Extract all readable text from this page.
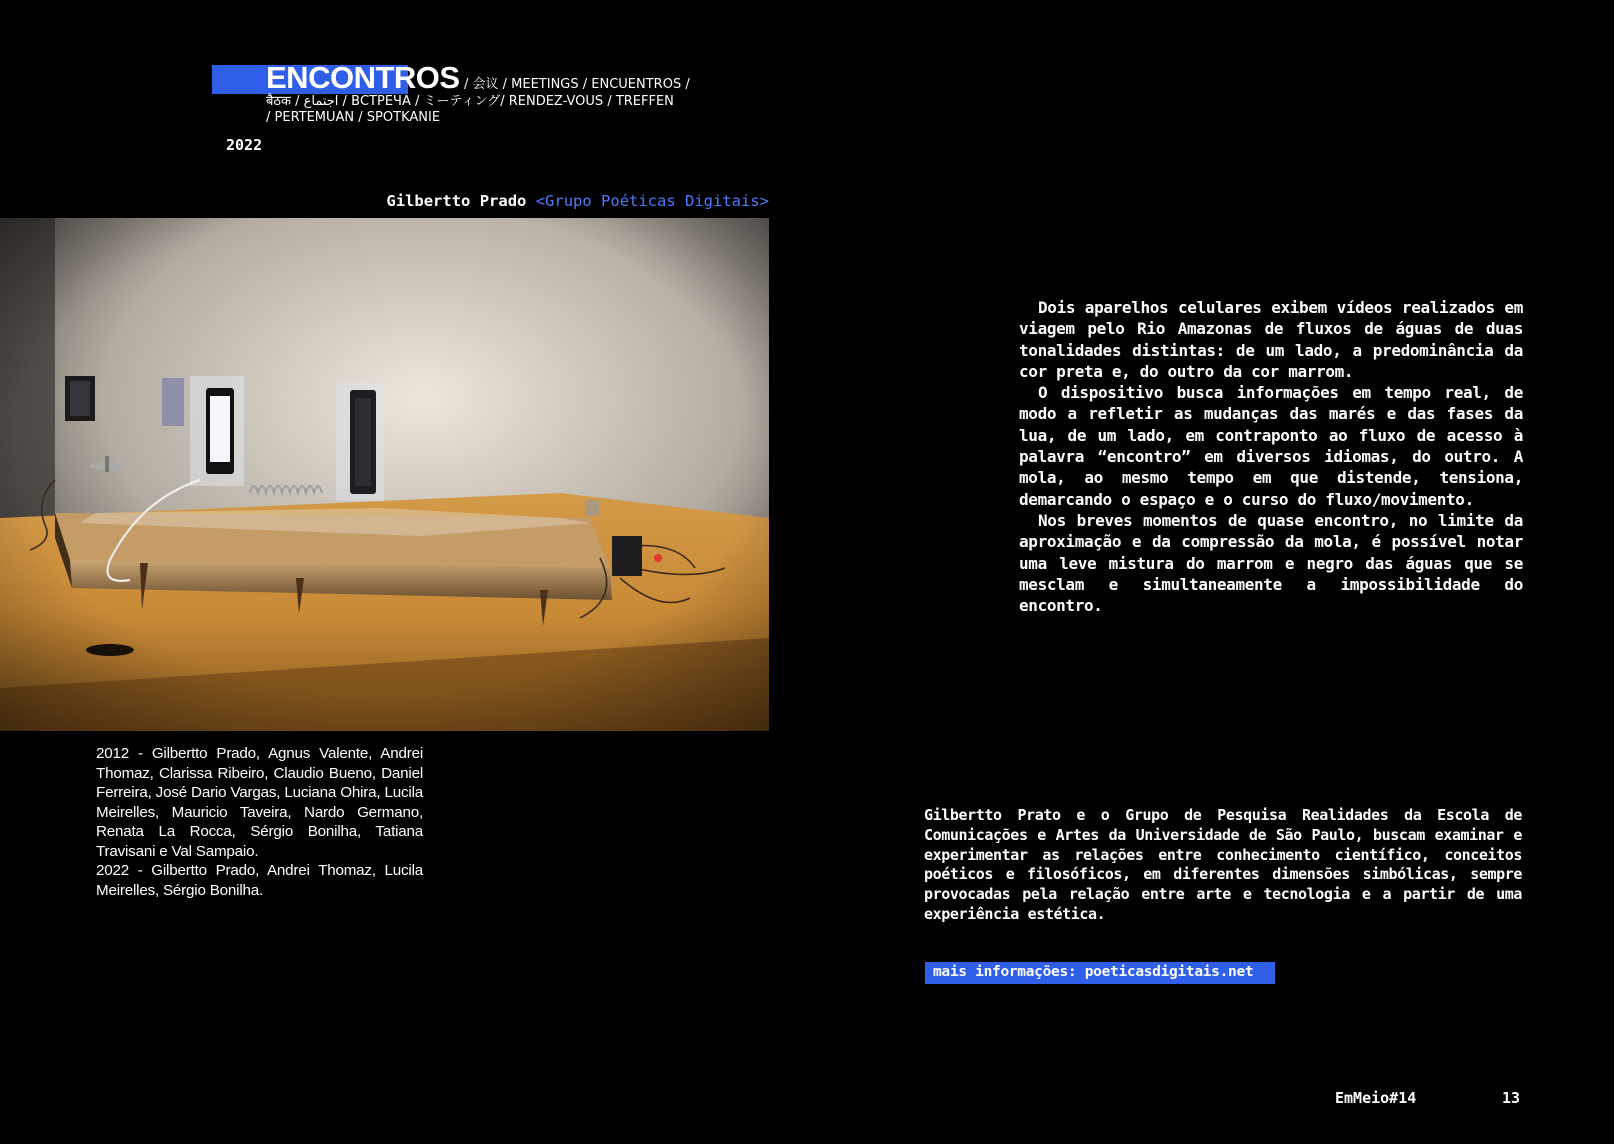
ENCONTROS / 会议 / MEETINGS / ENCUENTROS /
बैठक / اجتماع / ВСТРЕЧА / ミーティング/ RENDEZ-VOUS / TREFFEN
/ PERTEMUAN / SPOTKANIE
2022
Gilbertto Prado <Grupo Poéticas Digitais>

2012 - Gilbertto Prado, Agnus Valente, Andrei Thomaz, Clarissa Ribeiro, Claudio Bueno, Daniel Ferreira, José Dario Vargas, Luciana Ohira, Lucila Meirelles, Mauricio Taveira, Nardo Germano, Renata La Rocca, Sérgio Bonilha, Tatiana Travisani e Val Sampaio.

2022 - Gilbertto Prado, Andrei Thomaz, Lucila Meirelles, Sérgio Bonilha.

Dois aparelhos celulares exibem vídeos realizados em viagem pelo Rio Amazonas de fluxos de águas de duas tonalidades distintas: de um lado, a predominância da cor preta e, do outro da cor marrom.

O dispositivo busca informações em tempo real, de modo a refletir as mudanças das marés e das fases da lua, de um lado, em contraponto ao fluxo de acesso à palavra “encontro” em diversos idiomas, do outro. A mola, ao mesmo tempo em que distende, tensiona, demarcando o espaço e o curso do fluxo/movimento.

Nos breves momentos de quase encontro, no limite da aproximação e da compressão da mola, é possível notar uma leve mistura do marrom e negro das águas que se mesclam e simultaneamente a impossibilidade do encontro.

Gilbertto Prato e o Grupo de Pesquisa Realidades da Escola de Comunicações e Artes da Universidade de São Paulo, buscam examinar e experimentar as relações entre conhecimento científico, conceitos poéticos e filosóficos, em diferentes dimensões simbólicas, sempre provocadas pela relação entre arte e tecnologia e a partir de uma experiência estética.
mais informações: poeticasdigitais.net
EmMeio#14	13
